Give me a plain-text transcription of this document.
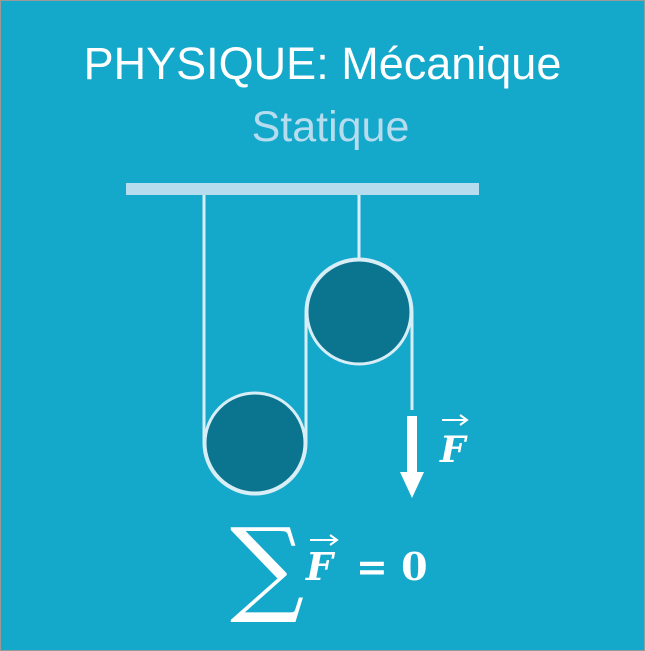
PHYSIQUE: Mécanique
Statique
F
∑ F = 0
